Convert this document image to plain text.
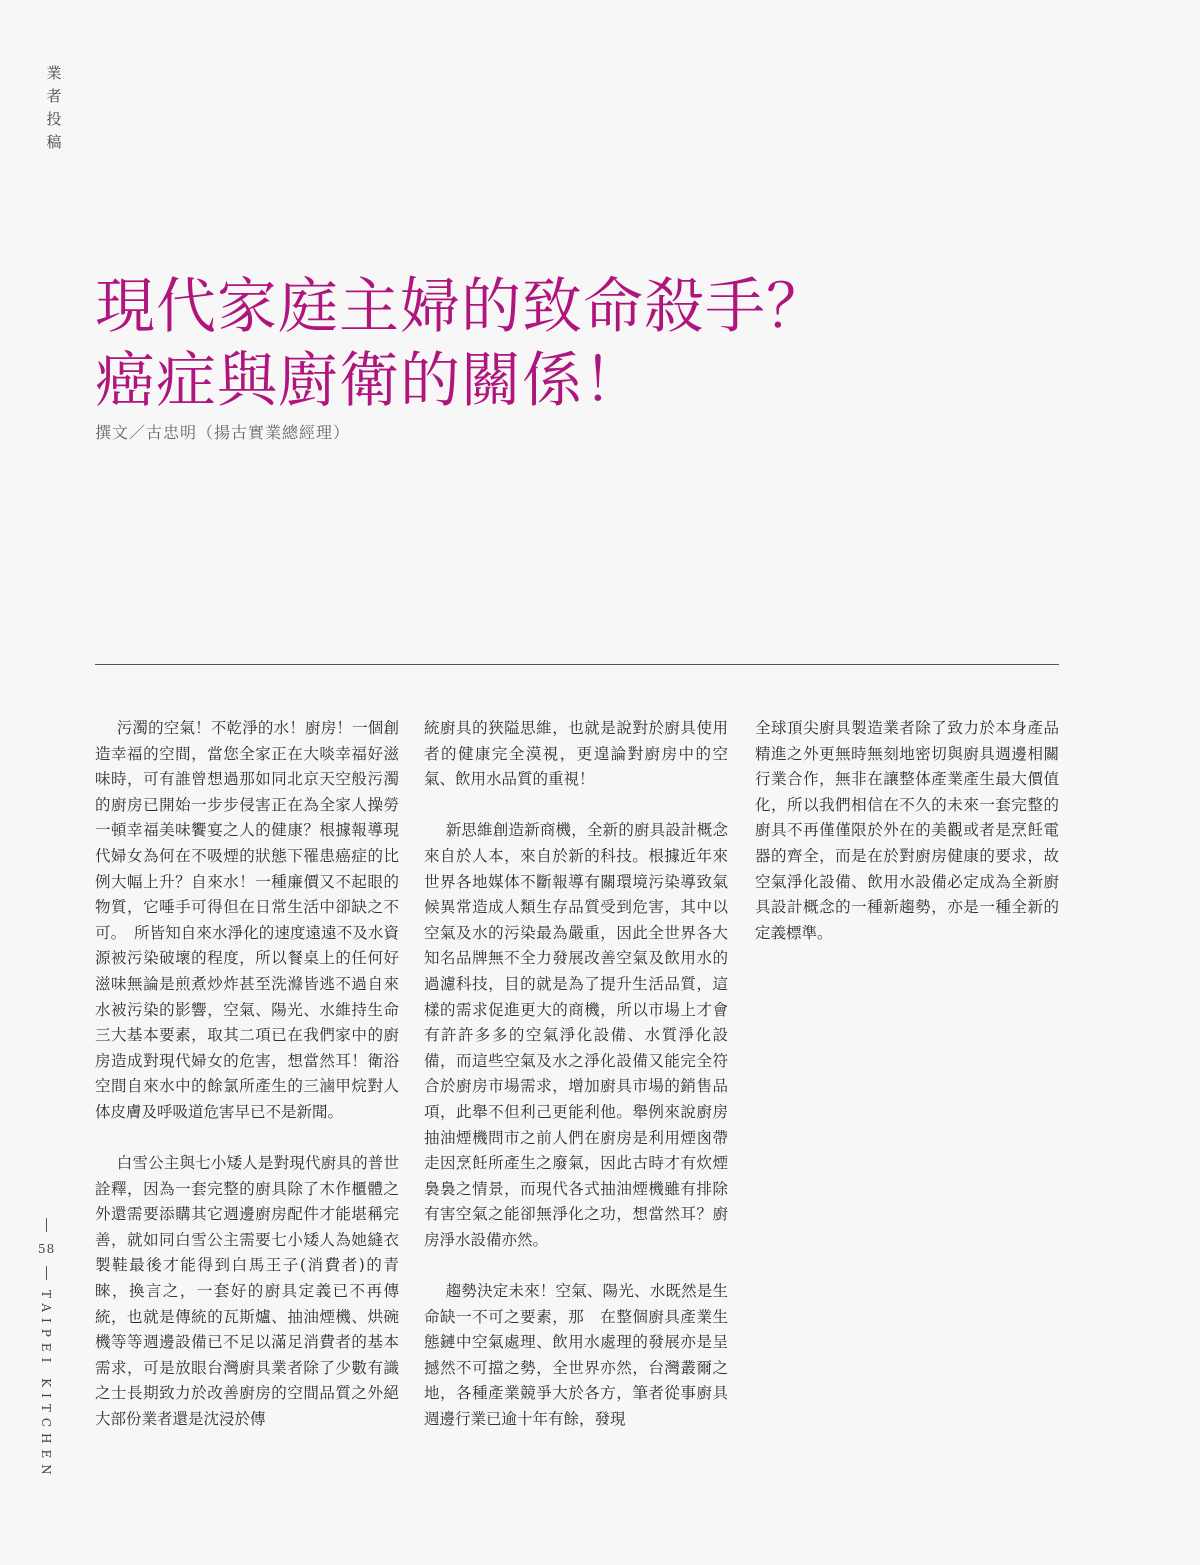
業者投稿
現代家庭主婦的致命殺手？
癌症與廚衛的關係！
撰文／古忠明（揚古實業總經理）

污濁的空氣！不乾淨的水！廚房！一個創造幸福的空間，當您全家正在大啖幸福好滋味時，可有誰曾想過那如同北京天空般污濁的廚房已開始一步步侵害正在為全家人操勞一頓幸福美味饗宴之人的健康？根據報導現代婦女為何在不吸煙的狀態下罹患癌症的比例大幅上升？自來水！一種廉價又不起眼的物質，它唾手可得但在日常生活中卻缺之不可。　所皆知自來水淨化的速度遠遠不及水資源被污染破壞的程度，所以餐桌上的任何好滋味無論是煎煮炒炸甚至洗滌皆逃不過自來水被污染的影響，空氣、陽光、水維持生命三大基本要素，取其二項已在我們家中的廚房造成對現代婦女的危害，想當然耳！衛浴空間自來水中的餘氯所產生的三滷甲烷對人体皮膚及呼吸道危害早已不是新聞。

白雪公主與七小矮人是對現代廚具的普世詮釋，因為一套完整的廚具除了木作櫃體之外還需要添購其它週邊廚房配件才能堪稱完善，就如同白雪公主需要七小矮人為她縫衣製鞋最後才能得到白馬王子(消費者)的青睞，換言之，一套好的廚具定義已不再傳統，也就是傳統的瓦斯爐、抽油煙機、烘碗機等等週邊設備已不足以滿足消費者的基本需求，可是放眼台灣廚具業者除了少數有識之士長期致力於改善廚房的空間品質之外絕大部份業者還是沈浸於傳

統廚具的狹隘思維，也就是說對於廚具使用者的健康完全漠視，更遑論對廚房中的空氣、飲用水品質的重視！

新思維創造新商機，全新的廚具設計概念來自於人本，來自於新的科技。根據近年來世界各地媒体不斷報導有關環境污染導致氣候異常造成人類生存品質受到危害，其中以空氣及水的污染最為嚴重，因此全世界各大知名品牌無不全力發展改善空氣及飲用水的過濾科技，目的就是為了提升生活品質，這樣的需求促進更大的商機，所以市場上才會有許許多多的空氣淨化設備、水質淨化設備，而這些空氣及水之淨化設備又能完全符合於廚房市場需求，增加廚具市場的銷售品項，此舉不但利己更能利他。舉例來說廚房抽油煙機問市之前人們在廚房是利用煙囪帶走因烹飪所產生之廢氣，因此古時才有炊煙裊裊之情景，而現代各式抽油煙機雖有排除有害空氣之能卻無淨化之功，想當然耳？廚房淨水設備亦然。

趨勢決定未來！空氣、陽光、水既然是生命缺一不可之要素，那　在整個廚具產業生態鏈中空氣處理、飲用水處理的發展亦是呈撼然不可擋之勢，全世界亦然，台灣叢爾之地，各種產業競爭大於各方，筆者從事廚具週邊行業已逾十年有餘，發現

全球頂尖廚具製造業者除了致力於本身產品精進之外更無時無刻地密切與廚具週邊相關行業合作，無非在讓整体產業產生最大價值化，所以我們相信在不久的未來一套完整的廚具不再僅僅限於外在的美觀或者是烹飪電器的齊全，而是在於對廚房健康的要求，故空氣淨化設備、飲用水設備必定成為全新廚具設計概念的一種新趨勢，亦是一種全新的定義標準。

58
TAIPEI KITCHEN
